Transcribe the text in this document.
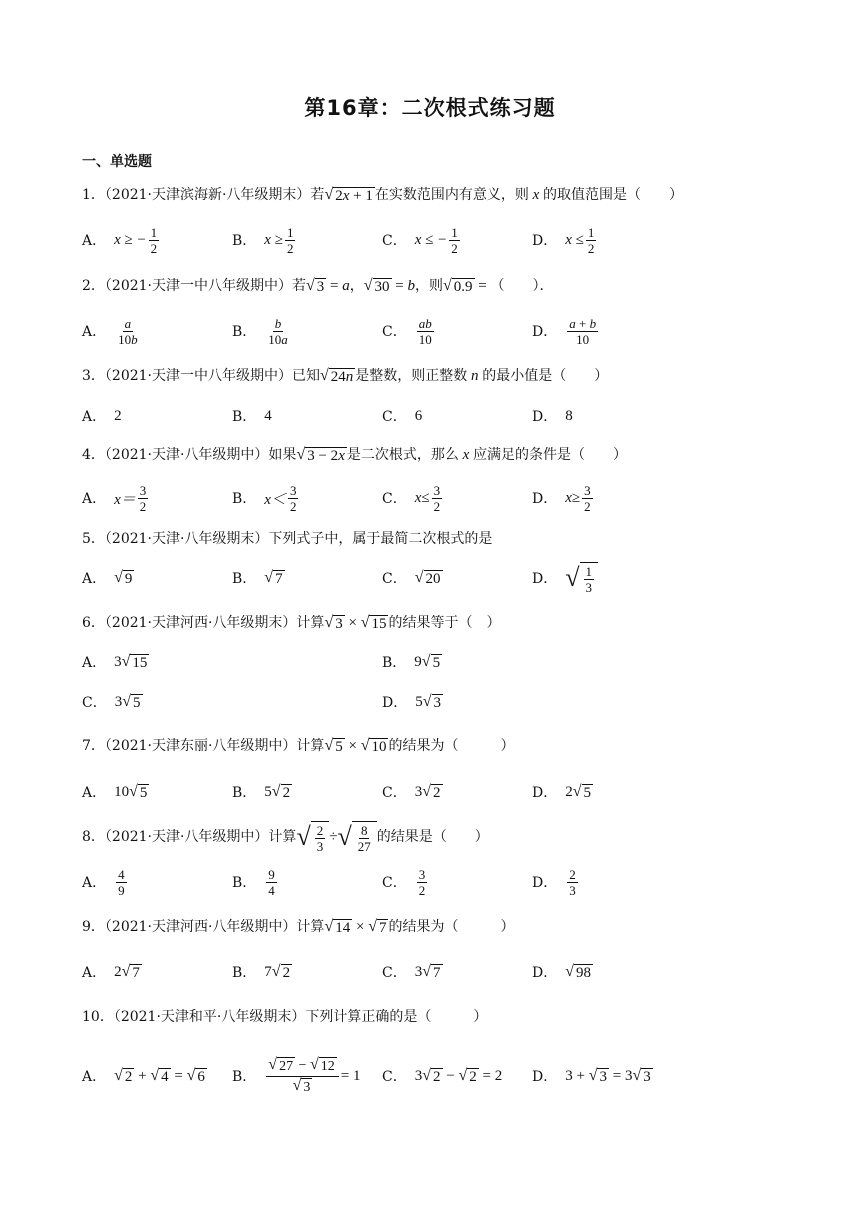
第16章：二次根式练习题
一、单选题
1．（2021·天津滨海新·八年级期末）若 √ 2x + 1 在实数范围内有意义，则 x 的取值范围是（　　）
A． x ≥ − $\frac{1}{2}$	B． $x \ge \frac{1}{2}$	C． x ≤ − $\frac{1}{2}$	D． $x \le \frac{1}{2}$
2．（2021·天津一中八年级期中）若 √ 3 = a， √ 30 = b，则 √ 0.9 = （　　）．
A． $\frac{a}{10b}$	B． $\frac{b}{10a}$	C． $\frac{ab}{10}$	D． $\frac{a + b}{10}$
3．（2021·天津一中八年级期中）已知 √ 24n 是整数，则正整数 n 的最小值是（　　）
A． 2	B． 4	C． 6	D． 8
4．（2021·天津·八年级期中）如果 √ 3 − 2x 是二次根式，那么 x 应满足的条件是（　　）
A． $x= \frac{3}{2}$	B． $x< \frac{3}{2}$	C． $x\le \frac{3}{2}$	D． $x\ge \frac{3}{2}$
5．（2021·天津·八年级期末）下列式子中，属于最简二次根式的是
A． √ 9	B． √ 7	C． √ 20	D． √ $\frac{1}{3}$
6．（2021·天津河西·八年级期末）计算 √ 3 × √ 15 的结果等于（　）
A． 3 √ 15	B． 9 √ 5
C． 3 √ 5	D． 5 √ 3
7．（2021·天津东丽·八年级期中）计算 √ 5 × √ 10 的结果为（　　　）
A． 10 √ 5	B． 5 √ 2	C． 3 √ 2	D． 2 √ 5
8．（2021·天津·八年级期中）计算 √ $\frac{2}{3}$ ÷ √ $\frac{8}{27}$ 的结果是（　　）
A． $\frac{4}{9}$	B． $\frac{9}{4}$	C． $\frac{3}{2}$	D． $\frac{2}{3}$
9．（2021·天津河西·八年级期中）计算 √ 14 × √ 7 的结果为（　　　）
A． 2 √ 7	B． 7 √ 2	C． 3 √ 7	D． √ 98
10．（2021·天津和平·八年级期末）下列计算正确的是（　　　）
A． √ 2 + √ 4 = √ 6 B． $\frac{√ 27 - √ 12}{√ 3} = 1$ C． 3 √ 2 − √ 2 = 2 D． 3 + √ 3 = 3 √ 3
